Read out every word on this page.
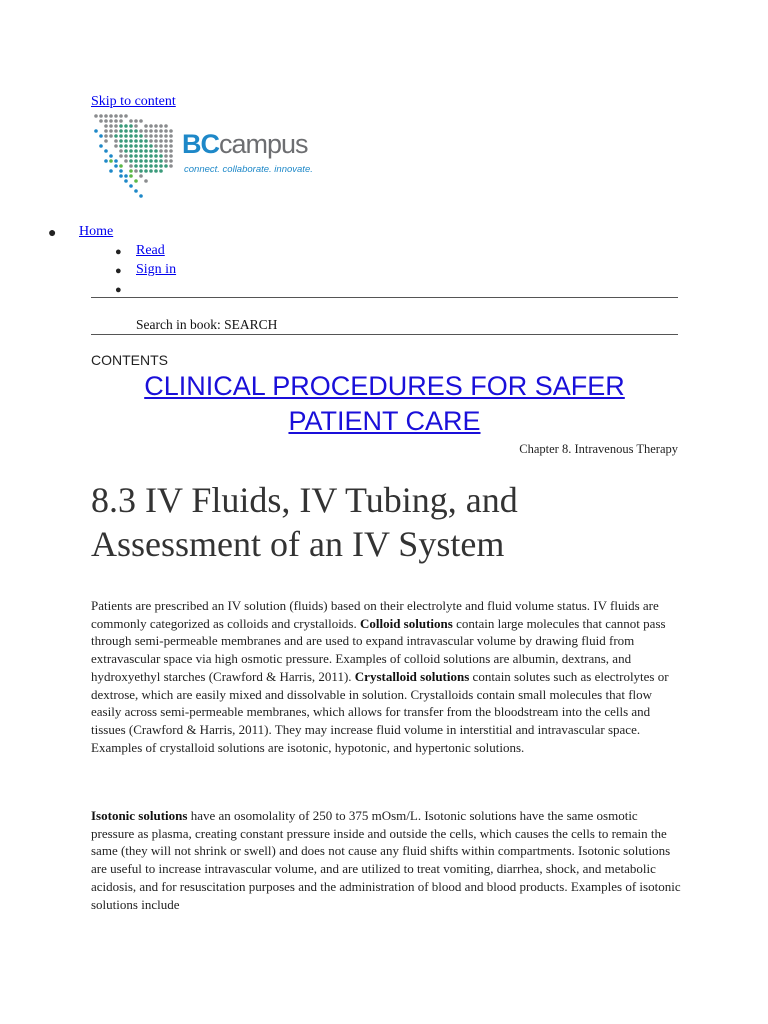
Skip to content
BCcampus
connect. collaborate. innovate.
● Home
● Read
● Sign in
●
Search in book: SEARCH
CONTENTS
CLINICAL PROCEDURES FOR SAFER PATIENT CARE
Chapter 8. Intravenous Therapy
8.3 IV Fluids, IV Tubing, and Assessment of an IV System

Patients are prescribed an IV solution (fluids) based on their electrolyte and fluid volume status. IV fluids are commonly categorized as colloids and crystalloids. Colloid solutions contain large molecules that cannot pass through semi-permeable membranes and are used to expand intravascular volume by drawing fluid from extravascular space via high osmotic pressure. Examples of colloid solutions are albumin, dextrans, and hydroxyethyl starches (Crawford & Harris, 2011). Crystalloid solutions contain solutes such as electrolytes or dextrose, which are easily mixed and dissolvable in solution. Crystalloids contain small molecules that flow easily across semi-permeable membranes, which allows for transfer from the bloodstream into the cells and tissues (Crawford & Harris, 2011). They may increase fluid volume in interstitial and intravascular space. Examples of crystalloid solutions are isotonic, hypotonic, and hypertonic solutions.

Isotonic solutions have an osomolality of 250 to 375 mOsm/L. Isotonic solutions have the same osmotic pressure as plasma, creating constant pressure inside and outside the cells, which causes the cells to remain the same (they will not shrink or swell) and does not cause any fluid shifts within compartments. Isotonic solutions are useful to increase intravascular volume, and are utilized to treat vomiting, diarrhea, shock, and metabolic acidosis, and for resuscitation purposes and the administration of blood and blood products. Examples of isotonic solutions include
